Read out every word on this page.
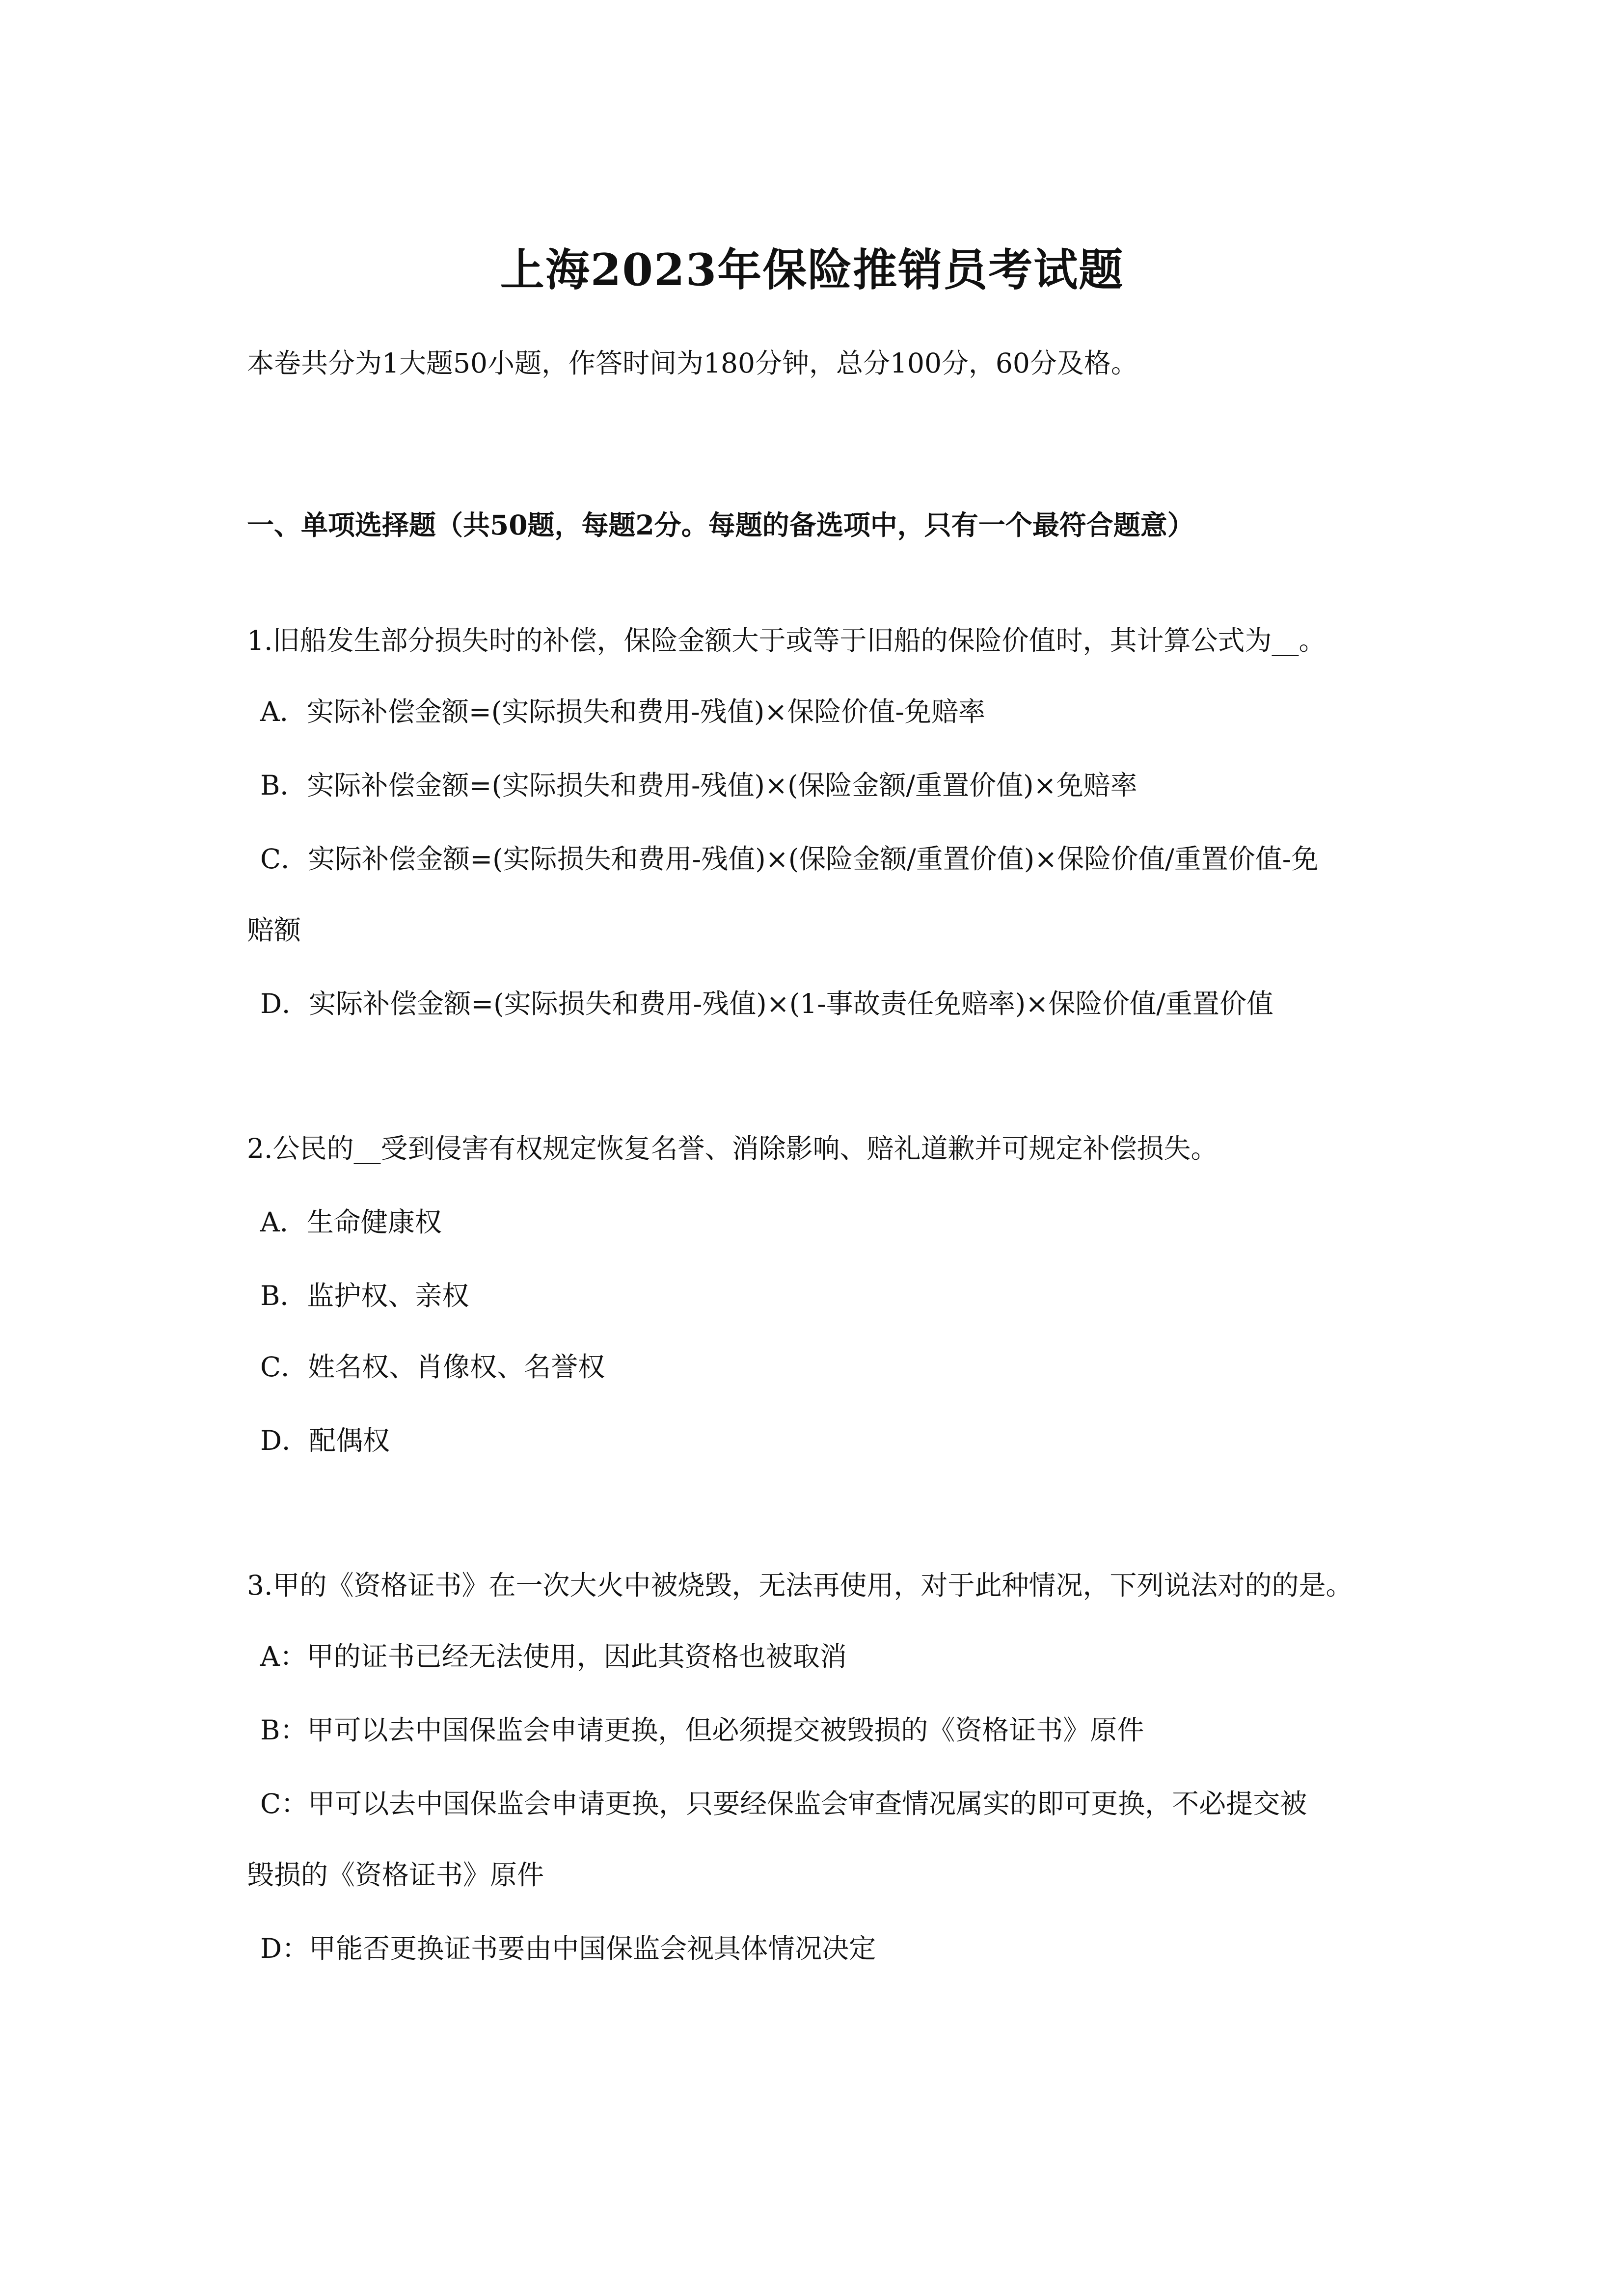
上海2023年保险推销员考试题
本卷共分为1大题50小题，作答时间为180分钟，总分100分，60分及格。
一、单项选择题（共50题，每题2分。每题的备选项中，只有一个最符合题意）
1.旧船发生部分损失时的补偿，保险金额大于或等于旧船的保险价值时，其计算公式为__。
A．实际补偿金额=(实际损失和费用-残值)×保险价值-免赔率
B．实际补偿金额=(实际损失和费用-残值)×(保险金额/重置价值)×免赔率
C．实际补偿金额=(实际损失和费用-残值)×(保险金额/重置价值)×保险价值/重置价值-免
赔额
D．实际补偿金额=(实际损失和费用-残值)×(1-事故责任免赔率)×保险价值/重置价值
2.公民的__受到侵害有权规定恢复名誉、消除影响、赔礼道歉并可规定补偿损失。
A．生命健康权
B．监护权、亲权
C．姓名权、肖像权、名誉权
D．配偶权
3.甲的《资格证书》在一次大火中被烧毁，无法再使用，对于此种情况，下列说法对的的是。
A：甲的证书已经无法使用，因此其资格也被取消
B：甲可以去中国保监会申请更换，但必须提交被毁损的《资格证书》原件
C：甲可以去中国保监会申请更换，只要经保监会审查情况属实的即可更换，不必提交被
毁损的《资格证书》原件
D：甲能否更换证书要由中国保监会视具体情况决定
